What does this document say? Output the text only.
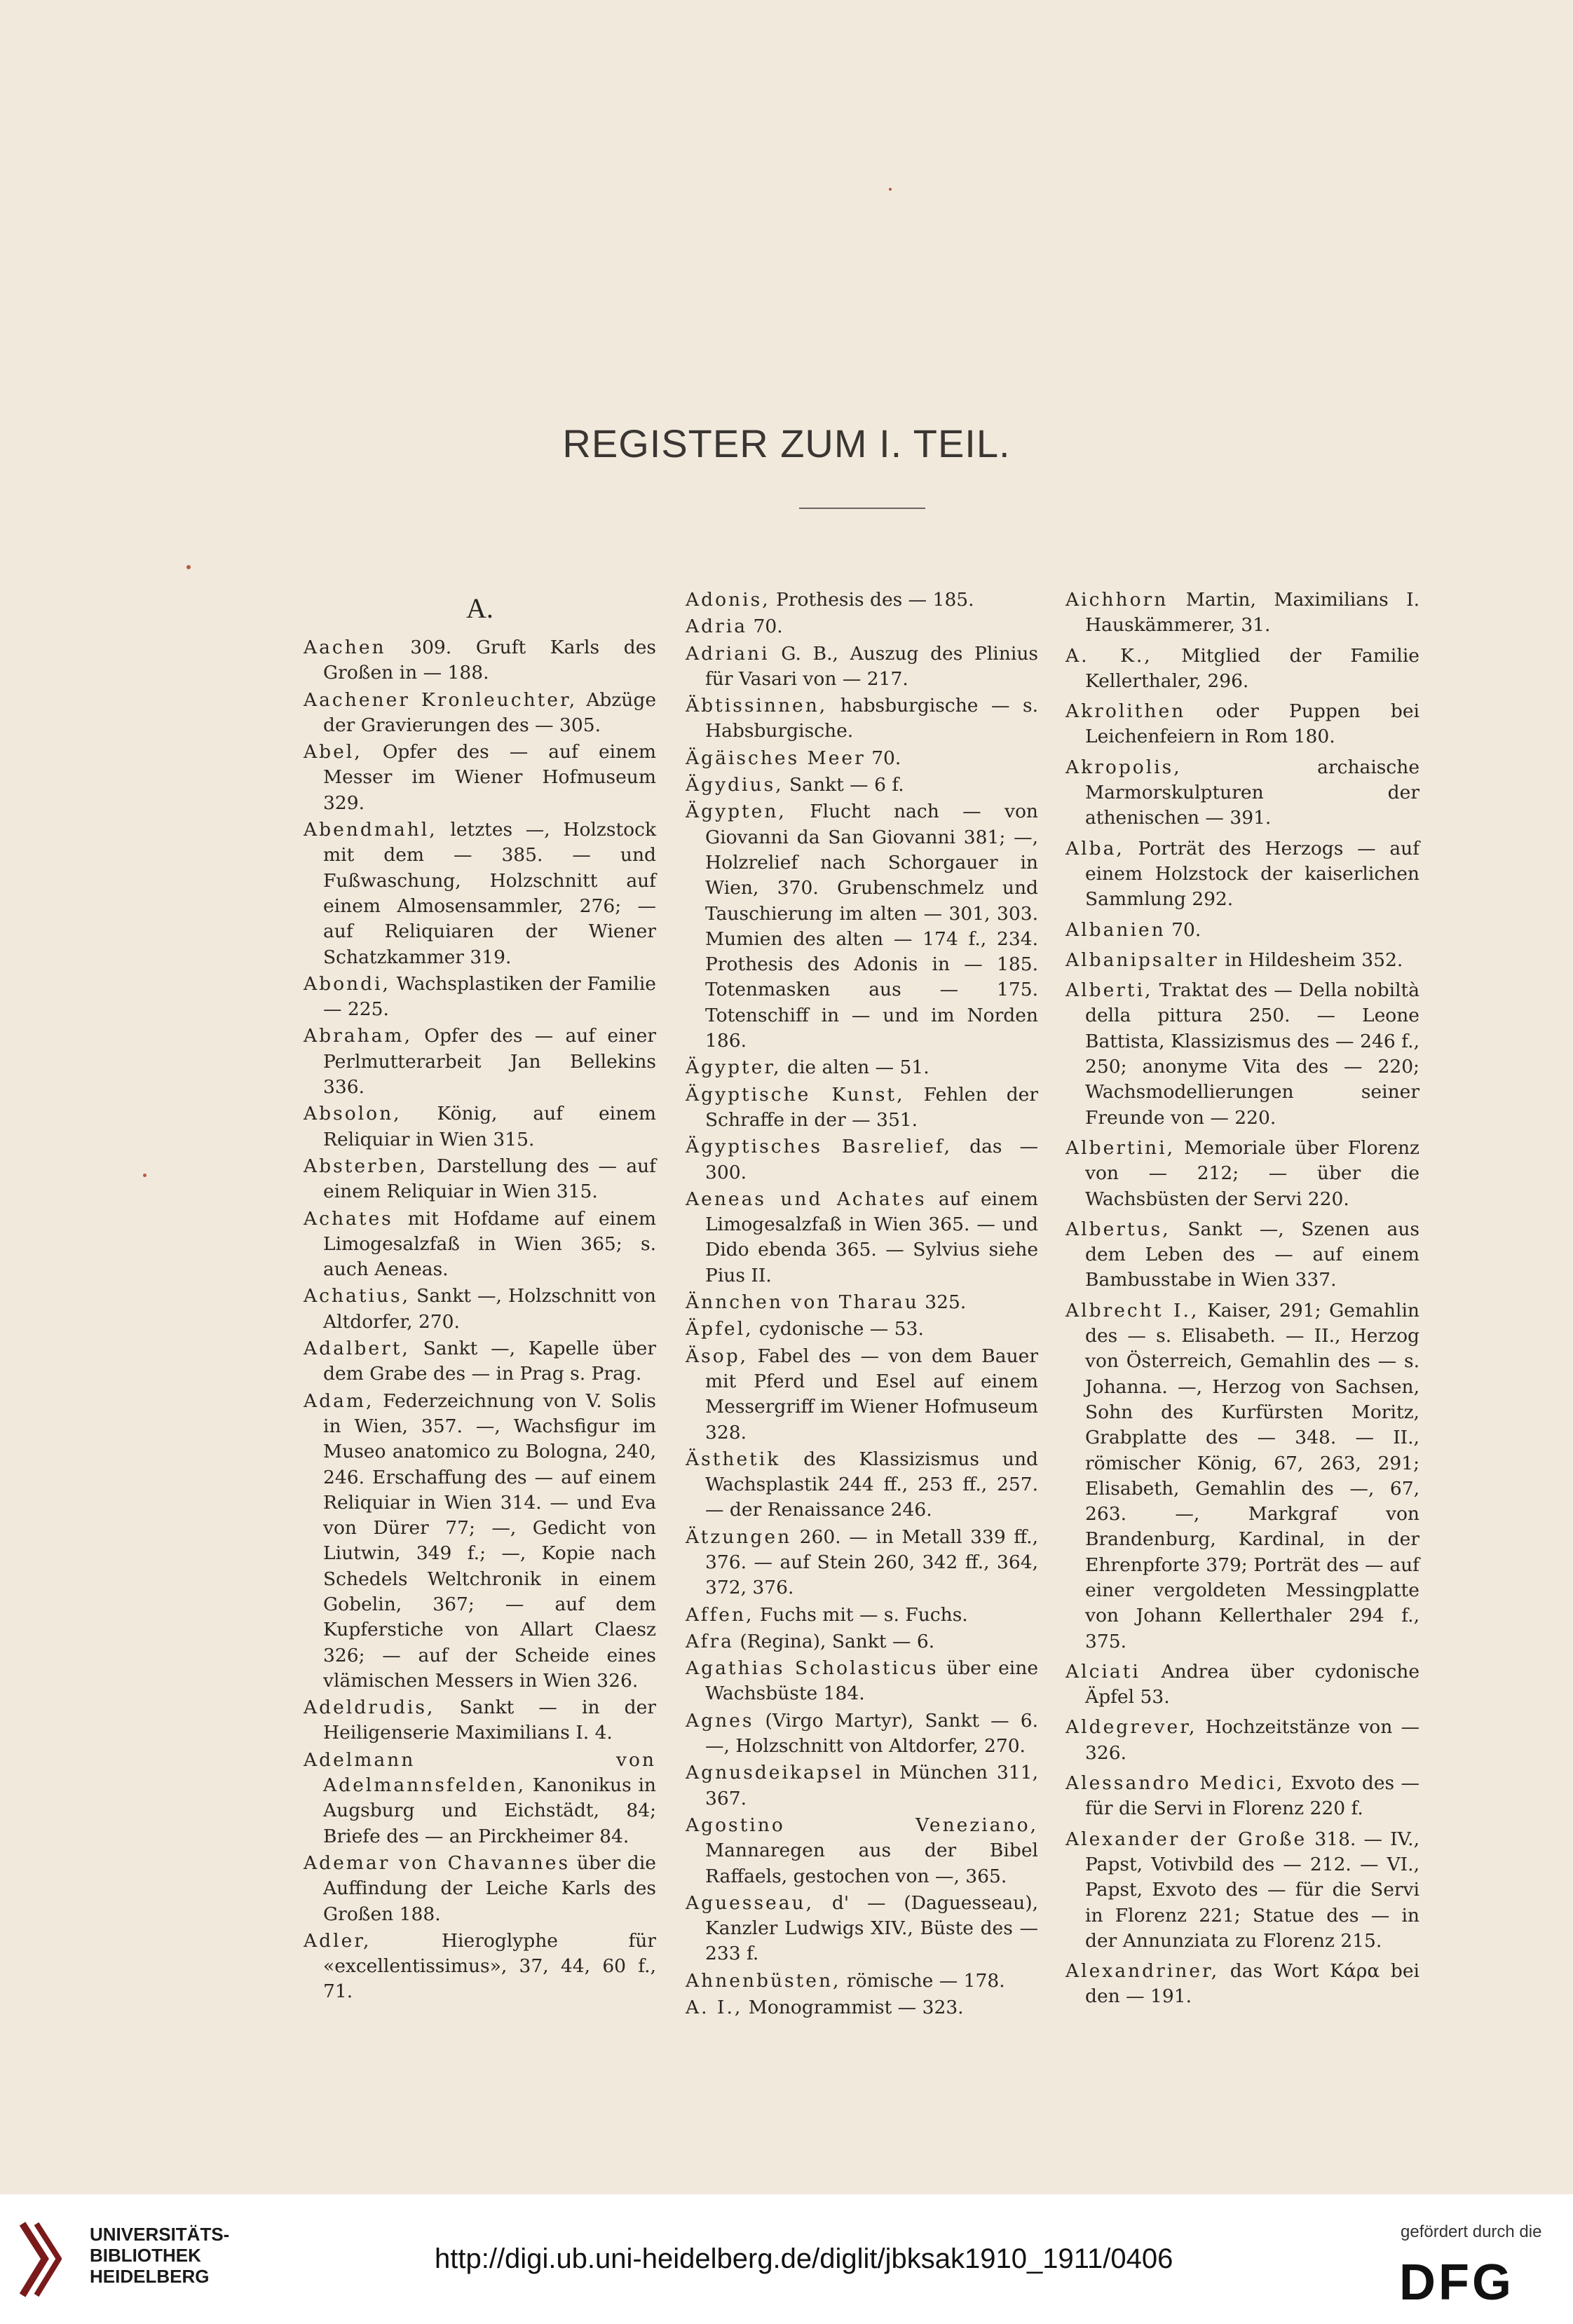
REGISTER ZUM I. TEIL.
A.
Aachen 309. Gruft Karls des Großen in — 188.
Aachener Kronleuchter, Abzüge der Gravierungen des — 305.
Abel, Opfer des — auf einem Messer im Wiener Hofmuseum 329.
Abendmahl, letztes —, Holzstock mit dem — 385. — und Fußwaschung, Holzschnitt auf einem Almosensammler, 276; — auf Reliquiaren der Wiener Schatzkammer 319.
Abondi, Wachsplastiken der Familie — 225.
Abraham, Opfer des — auf einer Perlmutterarbeit Jan Bellekins 336.
Absolon, König, auf einem Reliquiar in Wien 315.
Absterben, Darstellung des — auf einem Reliquiar in Wien 315.
Achates mit Hofdame auf einem Limogesalzfaß in Wien 365; s. auch Aeneas.
Achatius, Sankt —, Holzschnitt von Altdorfer, 270.
Adalbert, Sankt —, Kapelle über dem Grabe des — in Prag s. Prag.
Adam, Federzeichnung von V. Solis in Wien, 357. —, Wachsfigur im Museo anatomico zu Bologna, 240, 246. Erschaffung des — auf einem Reliquiar in Wien 314. — und Eva von Dürer 77; —, Gedicht von Liutwin, 349 f.; —, Kopie nach Schedels Weltchronik in einem Gobelin, 367; — auf dem Kupferstiche von Allart Claesz 326; — auf der Scheide eines vlämischen Messers in Wien 326.
Adeldrudis, Sankt — in der Heiligenserie Maximilians I. 4.
Adelmann von Adelmannsfelden, Kanonikus in Augsburg und Eichstädt, 84; Briefe des — an Pirckheimer 84.
Ademar von Chavannes über die Auffindung der Leiche Karls des Großen 188.
Adler, Hieroglyphe für «excellentissimus», 37, 44, 60 f., 71.
Adonis, Prothesis des — 185.
Adria 70.
Adriani G. B., Auszug des Plinius für Vasari von — 217.
Äbtissinnen, habsburgische — s. Habsburgische.
Ägäisches Meer 70.
Ägydius, Sankt — 6 f.
Ägypten, Flucht nach — von Giovanni da San Giovanni 381; —, Holzrelief nach Schorgauer in Wien, 370. Grubenschmelz und Tauschierung im alten — 301, 303. Mumien des alten — 174 f., 234. Prothesis des Adonis in — 185. Totenmasken aus — 175. Totenschiff in — und im Norden 186.
Ägypter, die alten — 51.
Ägyptische Kunst, Fehlen der Schraffe in der — 351.
Ägyptisches Basrelief, das — 300.
Aeneas und Achates auf einem Limogesalzfaß in Wien 365. — und Dido ebenda 365. — Sylvius siehe Pius II.
Ännchen von Tharau 325.
Äpfel, cydonische — 53.
Äsop, Fabel des — von dem Bauer mit Pferd und Esel auf einem Messergriff im Wiener Hofmuseum 328.
Ästhetik des Klassizismus und Wachsplastik 244 ff., 253 ff., 257. — der Renaissance 246.
Ätzungen 260. — in Metall 339 ff., 376. — auf Stein 260, 342 ff., 364, 372, 376.
Affen, Fuchs mit — s. Fuchs.
Afra (Regina), Sankt — 6.
Agathias Scholasticus über eine Wachsbüste 184.
Agnes (Virgo Martyr), Sankt — 6. —, Holzschnitt von Altdorfer, 270.
Agnusdeikapsel in München 311, 367.
Agostino Veneziano, Mannaregen aus der Bibel Raffaels, gestochen von —, 365.
Aguesseau, d' — (Daguesseau), Kanzler Ludwigs XIV., Büste des — 233 f.
Ahnenbüsten, römische — 178.
A. I., Monogrammist — 323.
Aichhorn Martin, Maximilians I. Hauskämmerer, 31.
A. K., Mitglied der Familie Kellerthaler, 296.
Akrolithen oder Puppen bei Leichenfeiern in Rom 180.
Akropolis, archaische Marmorskulpturen der athenischen — 391.
Alba, Porträt des Herzogs — auf einem Holzstock der kaiserlichen Sammlung 292.
Albanien 70.
Albanipsalter in Hildesheim 352.
Alberti, Traktat des — Della nobiltà della pittura 250. — Leone Battista, Klassizismus des — 246 f., 250; anonyme Vita des — 220; Wachsmodellierungen seiner Freunde von — 220.
Albertini, Memoriale über Florenz von — 212; — über die Wachsbüsten der Servi 220.
Albertus, Sankt —, Szenen aus dem Leben des — auf einem Bambusstabe in Wien 337.
Albrecht I., Kaiser, 291; Gemahlin des — s. Elisabeth. — II., Herzog von Österreich, Gemahlin des — s. Johanna. —, Herzog von Sachsen, Sohn des Kurfürsten Moritz, Grabplatte des — 348. — II., römischer König, 67, 263, 291; Elisabeth, Gemahlin des —, 67, 263. —, Markgraf von Brandenburg, Kardinal, in der Ehrenpforte 379; Porträt des — auf einer vergoldeten Messingplatte von Johann Kellerthaler 294 f., 375.
Alciati Andrea über cydonische Äpfel 53.
Aldegrever, Hochzeitstänze von — 326.
Alessandro Medici, Exvoto des — für die Servi in Florenz 220 f.
Alexander der Große 318. — IV., Papst, Votivbild des — 212. — VI., Papst, Exvoto des — für die Servi in Florenz 221; Statue des — in der Annunziata zu Florenz 215.
Alexandriner, das Wort Κάρα bei den — 191.
UNIVERSITÄTS-
BIBLIOTHEK
HEIDELBERG
http://digi.ub.uni-heidelberg.de/diglit/jbksak1910_1911/0406
gefördert durch die
DFG
